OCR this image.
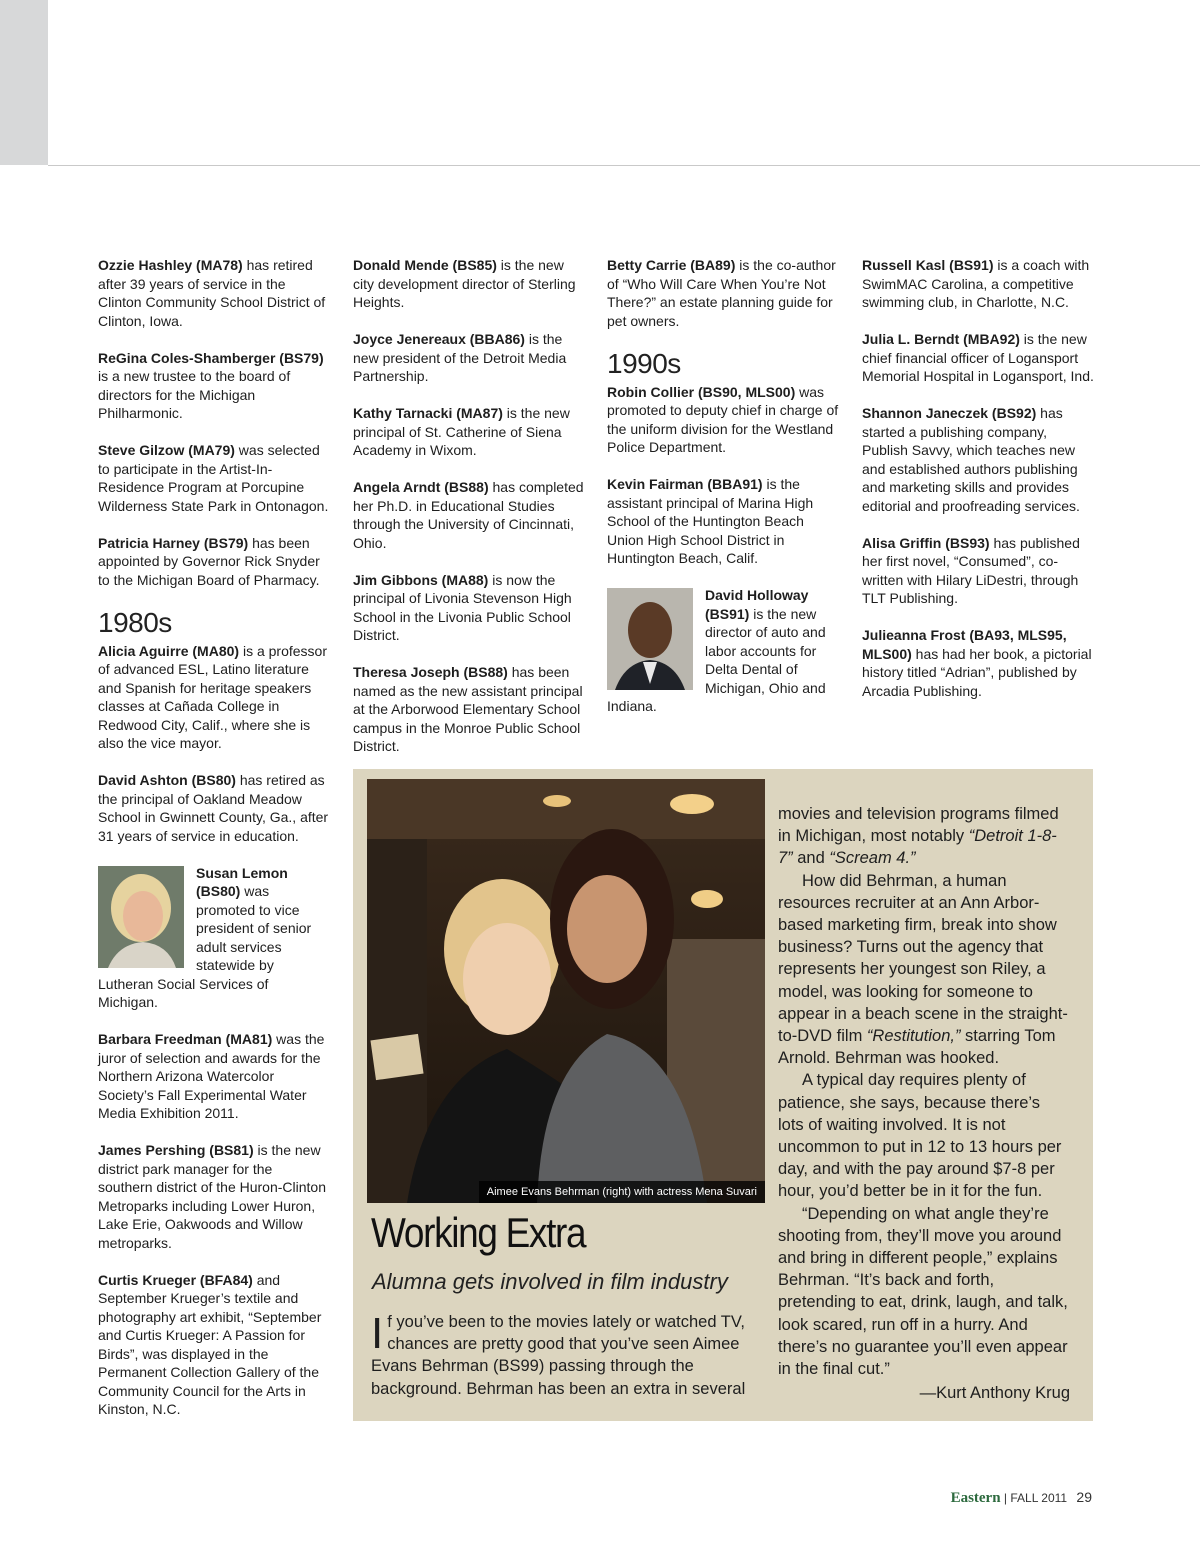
Ozzie Hashley (MA78) has retired after 39 years of service in the Clinton Community School District of Clinton, Iowa.

ReGina Coles-Shamberger (BS79) is a new trustee to the board of directors for the Michigan Philharmonic.

Steve Gilzow (MA79) was selected to participate in the Artist-In-Residence Program at Porcupine Wilderness State Park in Ontonagon.

Patricia Harney (BS79) has been appointed by Governor Rick Snyder to the Michigan Board of Pharmacy.

1980s

Alicia Aguirre (MA80) is a professor of advanced ESL, Latino literature and Spanish for heritage speakers classes at Cañada College in Redwood City, Calif., where she is also the vice mayor.

David Ashton (BS80) has retired as the principal of Oakland Meadow School in Gwinnett County, Ga., after 31 years of service in education.

Susan Lemon (BS80) was promoted to vice president of senior adult services statewide by Lutheran Social Services of Michigan.

Barbara Freedman (MA81) was the juror of selection and awards for the Northern Arizona Watercolor Society’s Fall Experimental Water Media Exhibition 2011.

James Pershing (BS81) is the new district park manager for the southern district of the Huron-Clinton Metroparks including Lower Huron, Lake Erie, Oakwoods and Willow metroparks.

Curtis Krueger (BFA84) and September Krueger’s textile and photography art exhibit, “September and Curtis Krueger: A Passion for Birds”, was displayed in the Permanent Collection Gallery of the Community Council for the Arts in Kinston, N.C.

Donald Mende (BS85) is the new city development director of Sterling Heights.

Joyce Jenereaux (BBA86) is the new president of the Detroit Media Partnership.

Kathy Tarnacki (MA87) is the new principal of St. Catherine of Siena Academy in Wixom.

Angela Arndt (BS88) has completed her Ph.D. in Educational Studies through the University of Cincinnati, Ohio.

Jim Gibbons (MA88) is now the principal of Livonia Stevenson High School in the Livonia Public School District.

Theresa Joseph (BS88) has been named as the new assistant principal at the Arborwood Elementary School campus in the Monroe Public School District.

Betty Carrie (BA89) is the co-author of “Who Will Care When You’re Not There?” an estate planning guide for pet owners.

1990s

Robin Collier (BS90, MLS00) was promoted to deputy chief in charge of the uniform division for the Westland Police Department.

Kevin Fairman (BBA91) is the assistant principal of Marina High School of the Huntington Beach Union High School District in Huntington Beach, Calif.

David Holloway (BS91) is the new director of auto and labor accounts for Delta Dental of Michigan, Ohio and Indiana.

Russell Kasl (BS91) is a coach with SwimMAC Carolina, a competitive swimming club, in Charlotte, N.C.

Julia L. Berndt (MBA92) is the new chief financial officer of Logansport Memorial Hospital in Logansport, Ind.

Shannon Janeczek (BS92) has started a publishing company, Publish Savvy, which teaches new and established authors publishing and marketing skills and provides editorial and proofreading services.

Alisa Griffin (BS93) has published her first novel, “Consumed”, co-written with Hilary LiDestri, through TLT Publishing.

Julieanna Frost (BA93, MLS95, MLS00) has had her book, a pictorial history titled “Adrian”, published by Arcadia Publishing.

Aimee Evans Behrman (right) with actress Mena Suvari
Working Extra
Alumna gets involved in film industry
If you’ve been to the movies lately or watched TV, chances are pretty good that you’ve seen Aimee Evans Behrman (BS99) passing through the background. Behrman has been an extra in several

movies and television programs filmed in Michigan, most notably “Detroit 1-8-7” and “Scream 4.”

How did Behrman, a human resources recruiter at an Ann Arbor-based marketing firm, break into show business? Turns out the agency that represents her youngest son Riley, a model, was looking for someone to appear in a beach scene in the straight-to-DVD film “Restitution,” starring Tom Arnold. Behrman was hooked.

A typical day requires plenty of patience, she says, because there’s lots of waiting involved. It is not uncommon to put in 12 to 13 hours per day, and with the pay around $7-8 per hour, you’d better be in it for the fun.

“Depending on what angle they’re shooting from, they’ll move you around and bring in different people,” explains Behrman. “It’s back and forth, pretending to eat, drink, laugh, and talk, look scared, run off in a hurry. And there’s no guarantee you’ll even appear in the final cut.”

—Kurt Anthony Krug
Eastern | FALL 2011 29
